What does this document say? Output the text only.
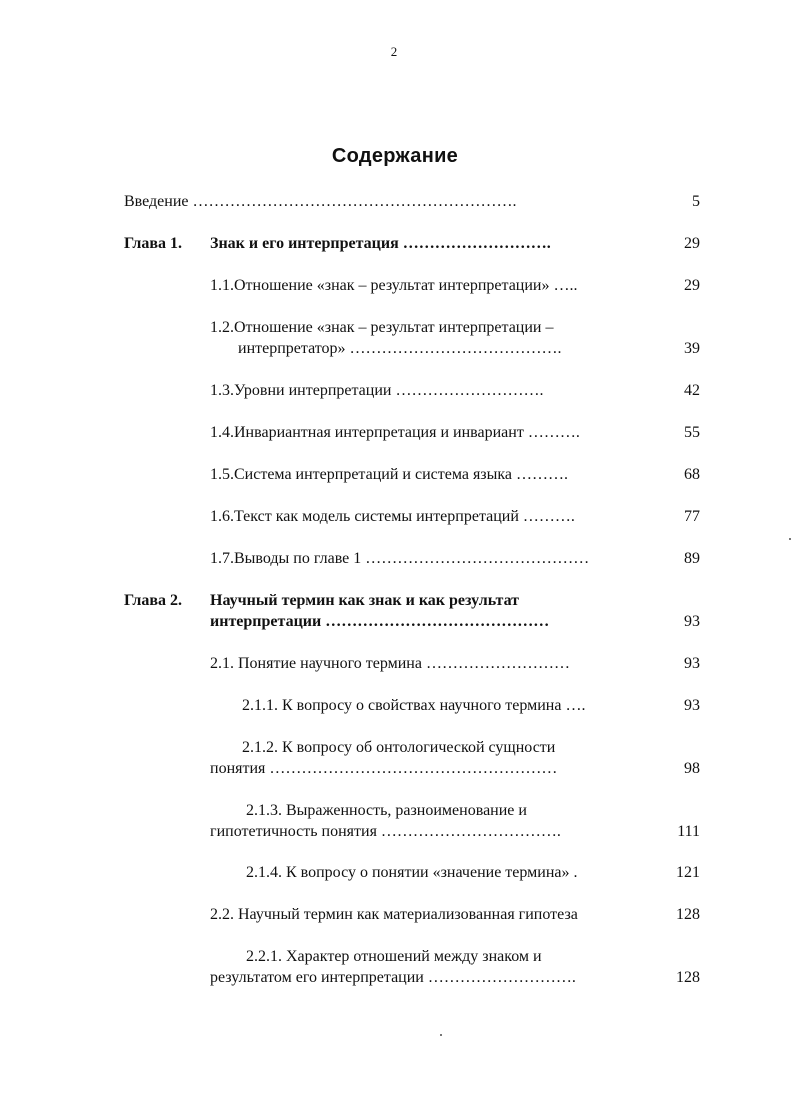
2
Содержание
Введение …………………………………………………….	5
Глава 1. Знак и его интерпретация ……………………….	29
1.1.Отношение «знак – результат интерпретации» …..	29
1.2.Отношение «знак – результат интерпретации –
интерпретатор» ………………………………….	39
1.3.Уровни интерпретации ……………………….	42
1.4.Инвариантная интерпретация и инвариант ……….	55
1.5.Система интерпретаций и система языка ……….	68
1.6.Текст как модель системы интерпретаций ……….	77
1.7.Выводы по главе 1 ……………………………………	89
Глава 2. Научный термин как знак и как результат
интерпретации ……………………………………	93
2.1. Понятие научного термина ………………………	93
2.1.1. К вопросу о свойствах научного термина ….	93
2.1.2. К вопросу об онтологической сущности
понятия ………………………………………………	98
2.1.3. Выраженность, разноименование и
гипотетичность понятия …………………………….	111
2.1.4. К вопросу о понятии «значение термина» .	121
2.2. Научный термин как материализованная гипотеза	128
2.2.1. Характер отношений между знаком и
результатом его интерпретации ……………………….	128
